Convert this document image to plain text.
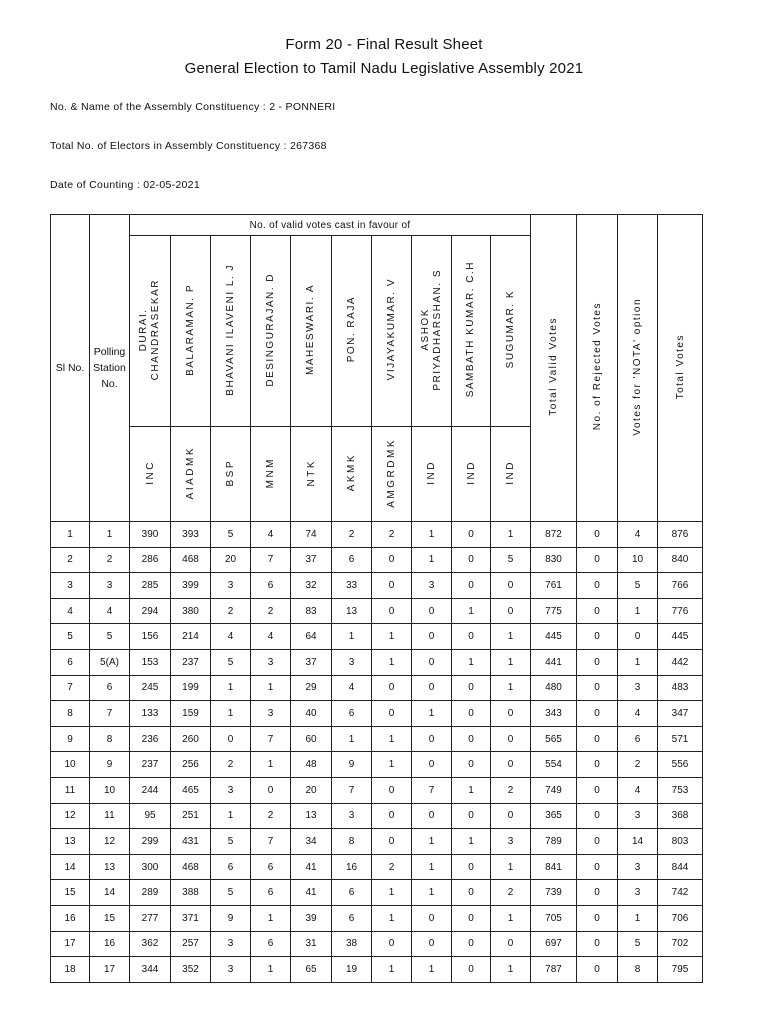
Form 20 - Final Result Sheet
General Election to Tamil Nadu Legislative Assembly 2021
No. & Name of the Assembly Constituency : 2 - PONNERI
Total No. of Electors in Assembly Constituency : 267368
Date of Counting : 02-05-2021
Sl No.	Polling Station No.	No. of valid votes cast in favour of										Total Valid Votes	No. of Rejected Votes	Votes for 'NOTA' option	Total Votes
		DURAI.
CHANDRASEKAR	BALARAMAN. P	BHAVANI ILAVENI L. J	DESINGURAJAN. D	MAHESWARI. A	PON. RAJA	VIJAYAKUMAR. V	ASHOK
PRIYADHARSHAN. S	SAMBATH KUMAR. C.H	SUGUMAR. K				
		INC	AIADMK	BSP	MNM	NTK	AKMK	AMGRDMK	IND	IND	IND				
1	1	390	393	5	4	74	2	2	1	0	1	872	0	4	876
2	2	286	468	20	7	37	6	0	1	0	5	830	0	10	840
3	3	285	399	3	6	32	33	0	3	0	0	761	0	5	766
4	4	294	380	2	2	83	13	0	0	1	0	775	0	1	776
5	5	156	214	4	4	64	1	1	0	0	1	445	0	0	445
6	5(A)	153	237	5	3	37	3	1	0	1	1	441	0	1	442
7	6	245	199	1	1	29	4	0	0	0	1	480	0	3	483
8	7	133	159	1	3	40	6	0	1	0	0	343	0	4	347
9	8	236	260	0	7	60	1	1	0	0	0	565	0	6	571
10	9	237	256	2	1	48	9	1	0	0	0	554	0	2	556
11	10	244	465	3	0	20	7	0	7	1	2	749	0	4	753
12	11	95	251	1	2	13	3	0	0	0	0	365	0	3	368
13	12	299	431	5	7	34	8	0	1	1	3	789	0	14	803
14	13	300	468	6	6	41	16	2	1	0	1	841	0	3	844
15	14	289	388	5	6	41	6	1	1	0	2	739	0	3	742
16	15	277	371	9	1	39	6	1	0	0	1	705	0	1	706
17	16	362	257	3	6	31	38	0	0	0	0	697	0	5	702
18	17	344	352	3	1	65	19	1	1	0	1	787	0	8	795
